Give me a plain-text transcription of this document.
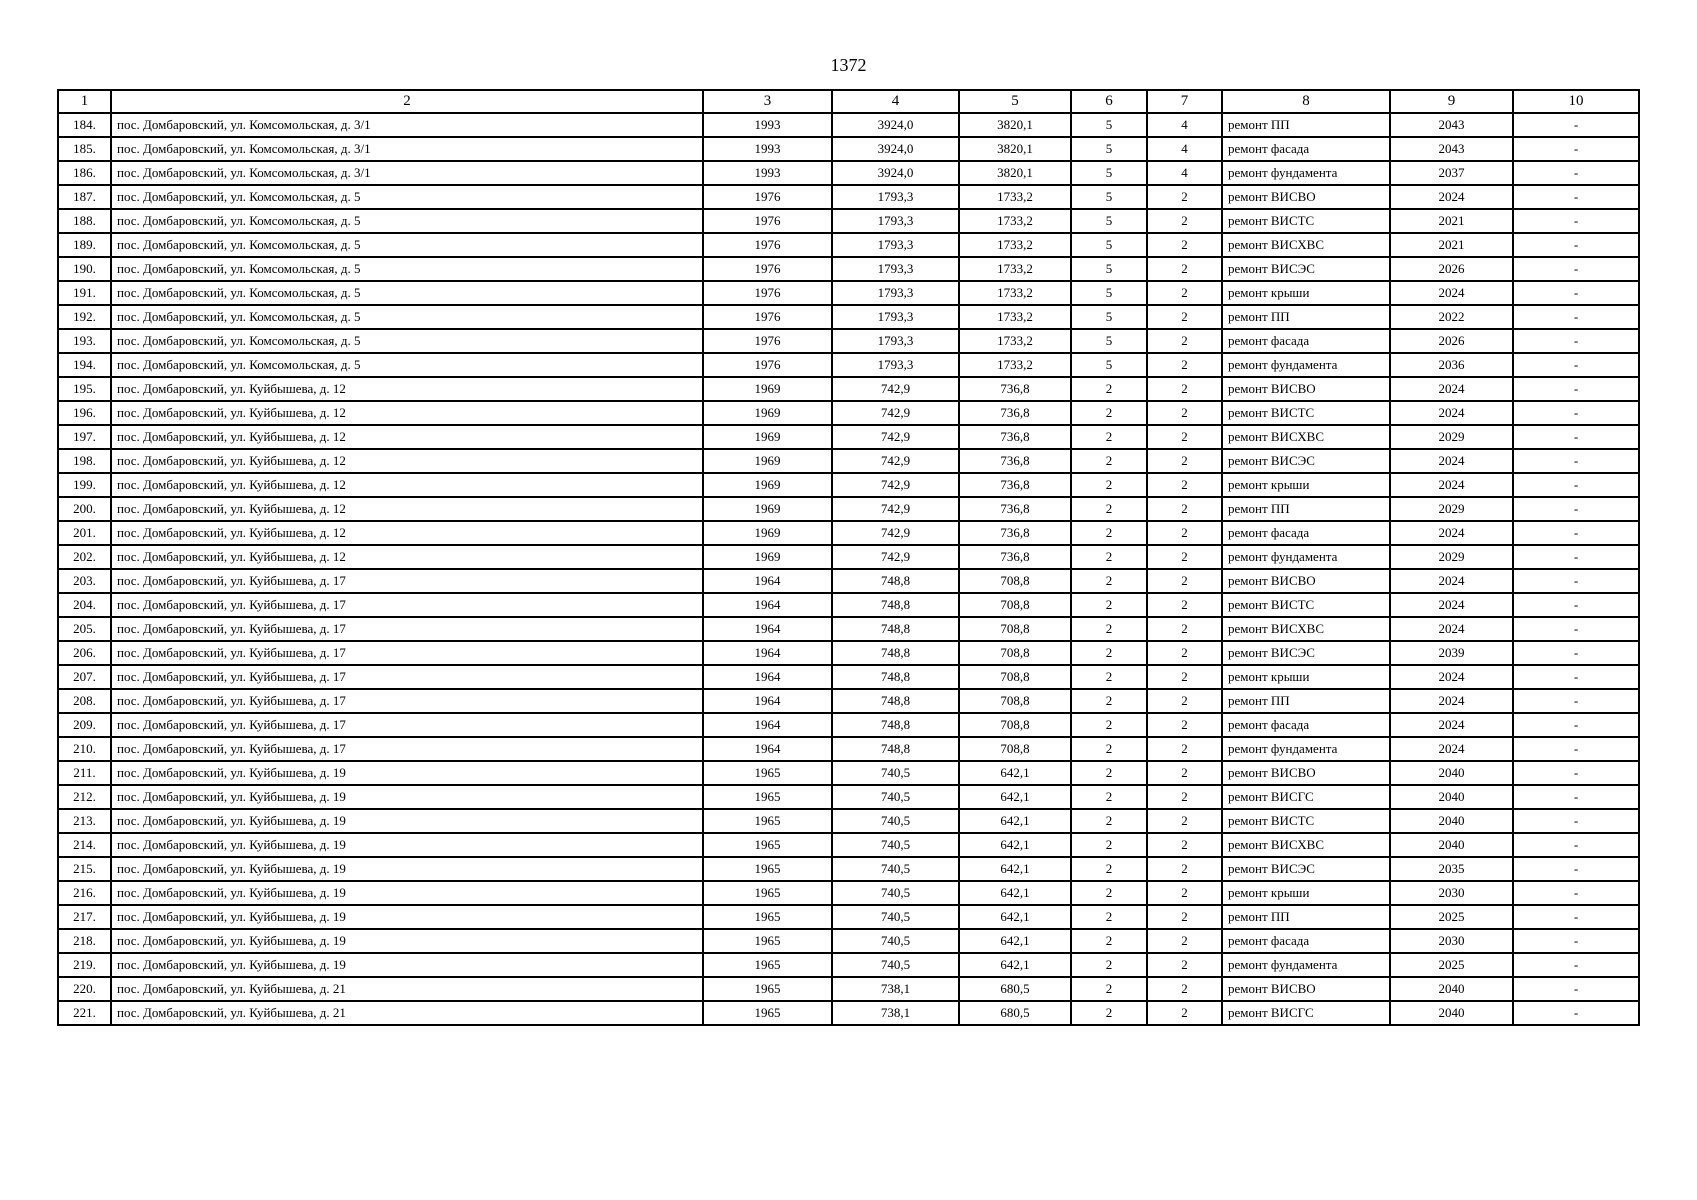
1372
1	2	3	4	5	6	7	8	9	10
184.	пос. Домбаровский, ул. Комсомольская, д. 3/1	1993	3924,0	3820,1	5	4	ремонт ПП	2043	-
185.	пос. Домбаровский, ул. Комсомольская, д. 3/1	1993	3924,0	3820,1	5	4	ремонт фасада	2043	-
186.	пос. Домбаровский, ул. Комсомольская, д. 3/1	1993	3924,0	3820,1	5	4	ремонт фундамента	2037	-
187.	пос. Домбаровский, ул. Комсомольская, д. 5	1976	1793,3	1733,2	5	2	ремонт ВИСВО	2024	-
188.	пос. Домбаровский, ул. Комсомольская, д. 5	1976	1793,3	1733,2	5	2	ремонт ВИСТС	2021	-
189.	пос. Домбаровский, ул. Комсомольская, д. 5	1976	1793,3	1733,2	5	2	ремонт ВИСХВС	2021	-
190.	пос. Домбаровский, ул. Комсомольская, д. 5	1976	1793,3	1733,2	5	2	ремонт ВИСЭС	2026	-
191.	пос. Домбаровский, ул. Комсомольская, д. 5	1976	1793,3	1733,2	5	2	ремонт крыши	2024	-
192.	пос. Домбаровский, ул. Комсомольская, д. 5	1976	1793,3	1733,2	5	2	ремонт ПП	2022	-
193.	пос. Домбаровский, ул. Комсомольская, д. 5	1976	1793,3	1733,2	5	2	ремонт фасада	2026	-
194.	пос. Домбаровский, ул. Комсомольская, д. 5	1976	1793,3	1733,2	5	2	ремонт фундамента	2036	-
195.	пос. Домбаровский, ул. Куйбышева, д. 12	1969	742,9	736,8	2	2	ремонт ВИСВО	2024	-
196.	пос. Домбаровский, ул. Куйбышева, д. 12	1969	742,9	736,8	2	2	ремонт ВИСТС	2024	-
197.	пос. Домбаровский, ул. Куйбышева, д. 12	1969	742,9	736,8	2	2	ремонт ВИСХВС	2029	-
198.	пос. Домбаровский, ул. Куйбышева, д. 12	1969	742,9	736,8	2	2	ремонт ВИСЭС	2024	-
199.	пос. Домбаровский, ул. Куйбышева, д. 12	1969	742,9	736,8	2	2	ремонт крыши	2024	-
200.	пос. Домбаровский, ул. Куйбышева, д. 12	1969	742,9	736,8	2	2	ремонт ПП	2029	-
201.	пос. Домбаровский, ул. Куйбышева, д. 12	1969	742,9	736,8	2	2	ремонт фасада	2024	-
202.	пос. Домбаровский, ул. Куйбышева, д. 12	1969	742,9	736,8	2	2	ремонт фундамента	2029	-
203.	пос. Домбаровский, ул. Куйбышева, д. 17	1964	748,8	708,8	2	2	ремонт ВИСВО	2024	-
204.	пос. Домбаровский, ул. Куйбышева, д. 17	1964	748,8	708,8	2	2	ремонт ВИСТС	2024	-
205.	пос. Домбаровский, ул. Куйбышева, д. 17	1964	748,8	708,8	2	2	ремонт ВИСХВС	2024	-
206.	пос. Домбаровский, ул. Куйбышева, д. 17	1964	748,8	708,8	2	2	ремонт ВИСЭС	2039	-
207.	пос. Домбаровский, ул. Куйбышева, д. 17	1964	748,8	708,8	2	2	ремонт крыши	2024	-
208.	пос. Домбаровский, ул. Куйбышева, д. 17	1964	748,8	708,8	2	2	ремонт ПП	2024	-
209.	пос. Домбаровский, ул. Куйбышева, д. 17	1964	748,8	708,8	2	2	ремонт фасада	2024	-
210.	пос. Домбаровский, ул. Куйбышева, д. 17	1964	748,8	708,8	2	2	ремонт фундамента	2024	-
211.	пос. Домбаровский, ул. Куйбышева, д. 19	1965	740,5	642,1	2	2	ремонт ВИСВО	2040	-
212.	пос. Домбаровский, ул. Куйбышева, д. 19	1965	740,5	642,1	2	2	ремонт ВИСГС	2040	-
213.	пос. Домбаровский, ул. Куйбышева, д. 19	1965	740,5	642,1	2	2	ремонт ВИСТС	2040	-
214.	пос. Домбаровский, ул. Куйбышева, д. 19	1965	740,5	642,1	2	2	ремонт ВИСХВС	2040	-
215.	пос. Домбаровский, ул. Куйбышева, д. 19	1965	740,5	642,1	2	2	ремонт ВИСЭС	2035	-
216.	пос. Домбаровский, ул. Куйбышева, д. 19	1965	740,5	642,1	2	2	ремонт крыши	2030	-
217.	пос. Домбаровский, ул. Куйбышева, д. 19	1965	740,5	642,1	2	2	ремонт ПП	2025	-
218.	пос. Домбаровский, ул. Куйбышева, д. 19	1965	740,5	642,1	2	2	ремонт фасада	2030	-
219.	пос. Домбаровский, ул. Куйбышева, д. 19	1965	740,5	642,1	2	2	ремонт фундамента	2025	-
220.	пос. Домбаровский, ул. Куйбышева, д. 21	1965	738,1	680,5	2	2	ремонт ВИСВО	2040	-
221.	пос. Домбаровский, ул. Куйбышева, д. 21	1965	738,1	680,5	2	2	ремонт ВИСГС	2040	-
